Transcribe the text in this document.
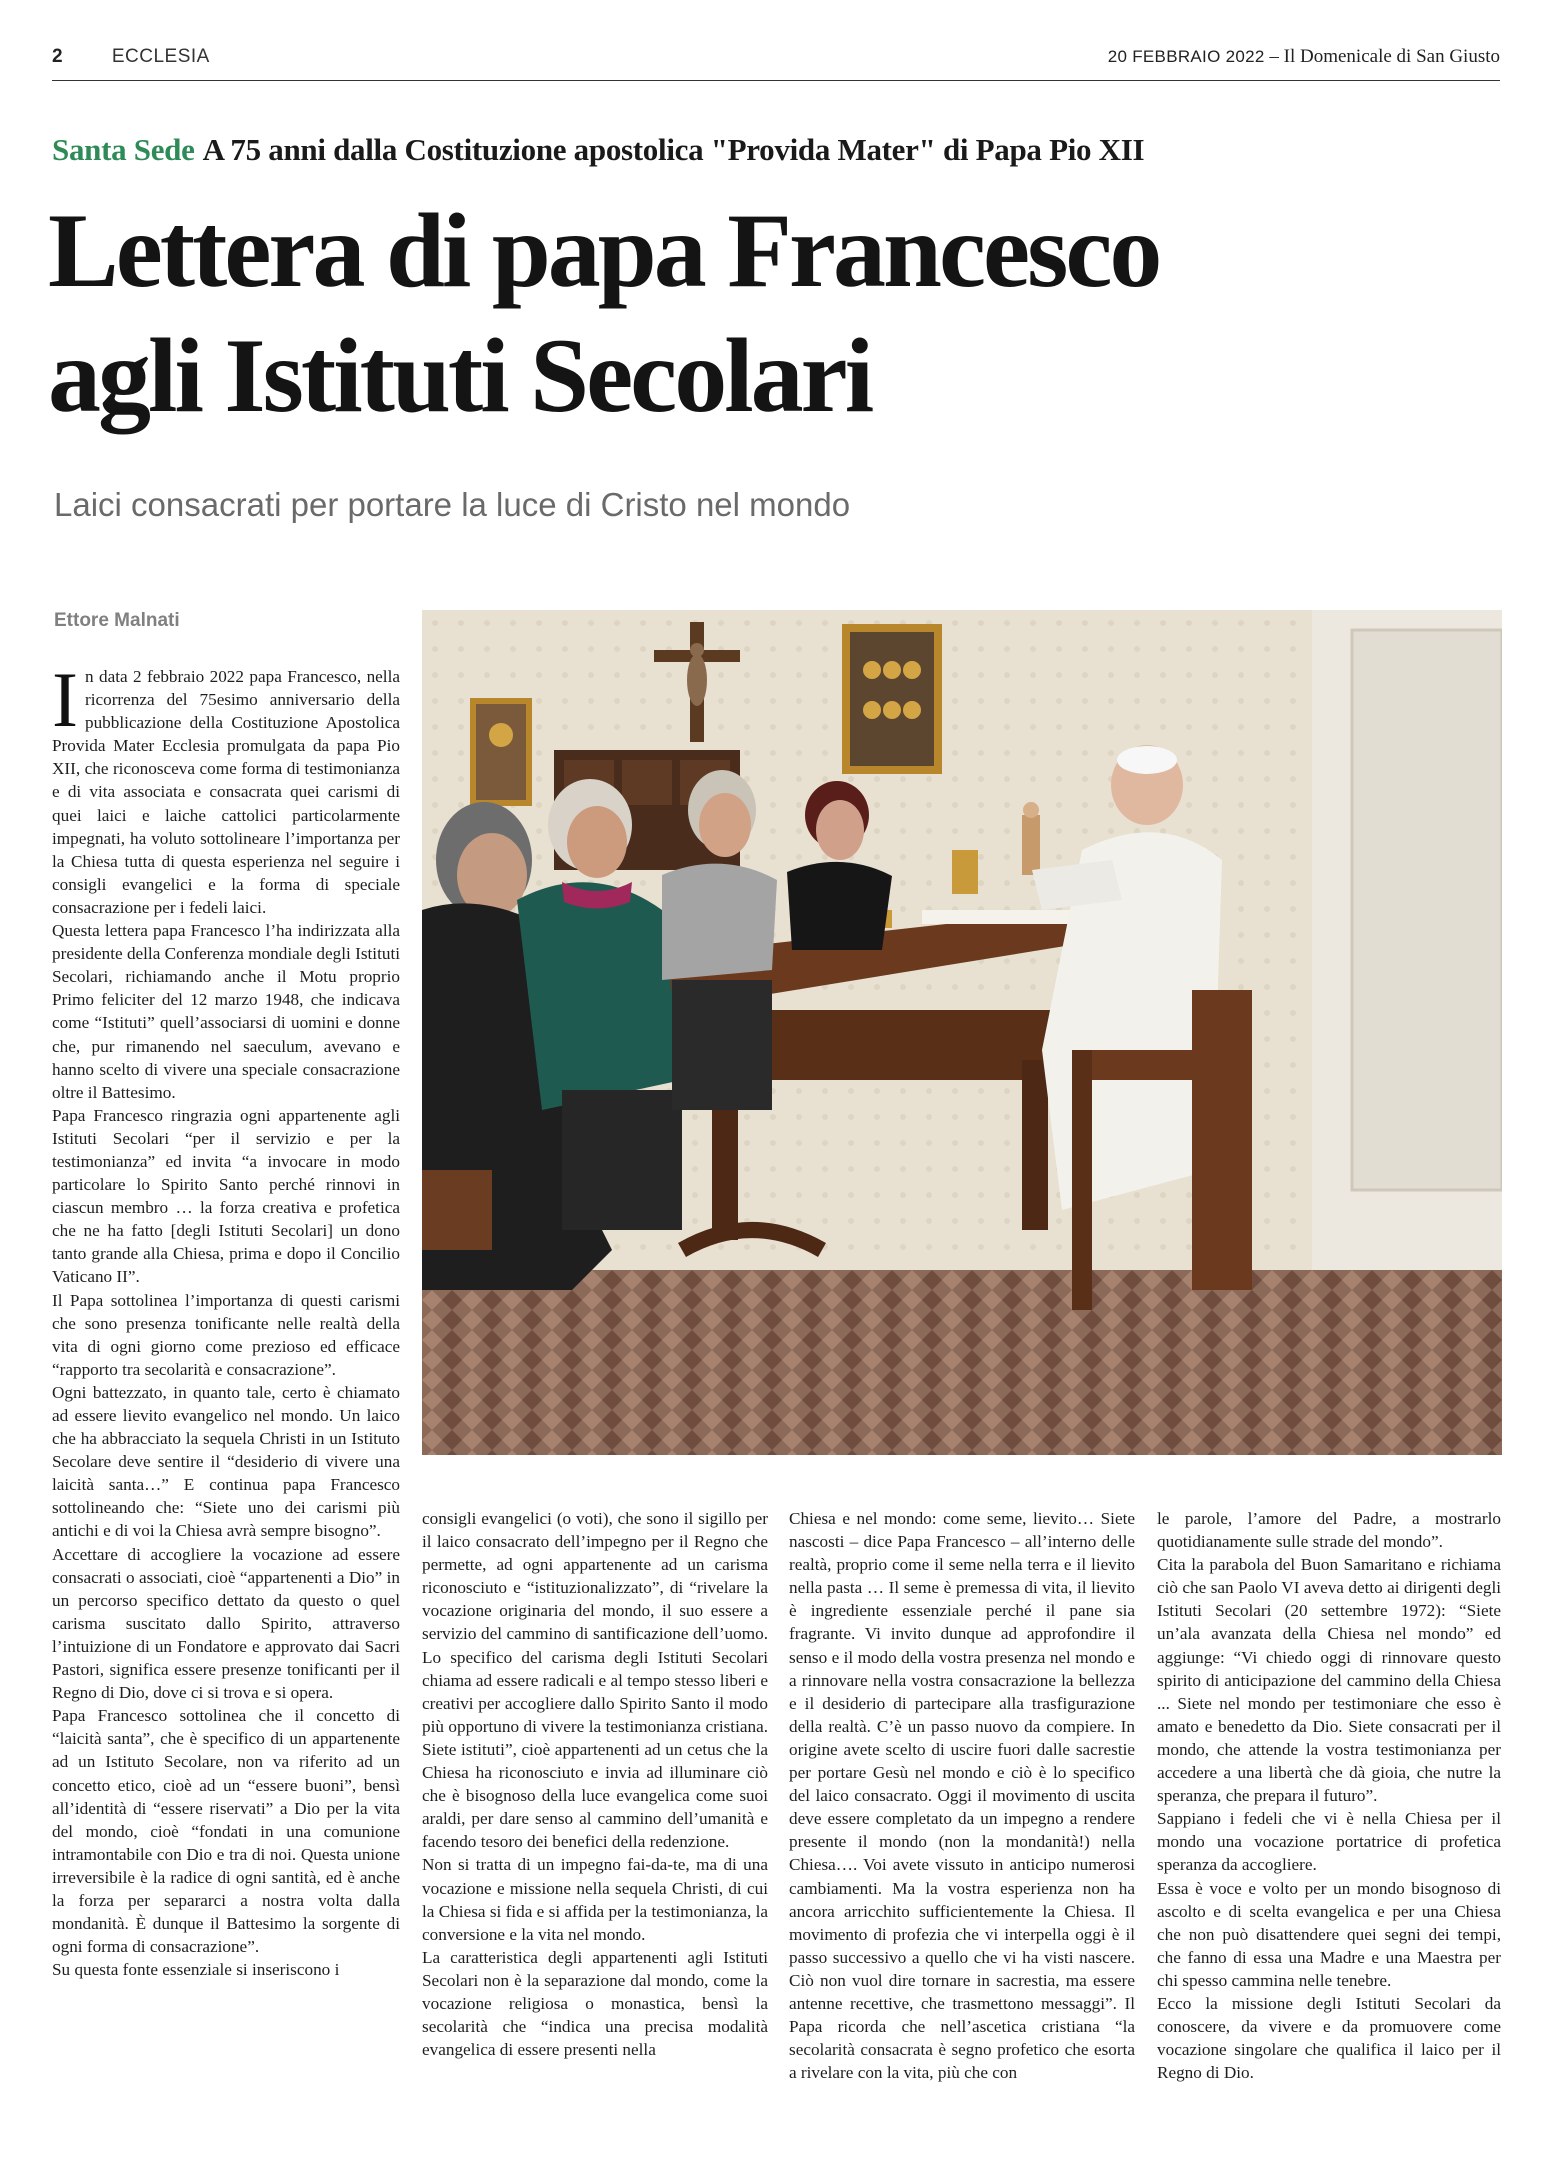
2	ECCLESIA	20 FEBBRAIO 2022 – Il Domenicale di San Giusto
Santa Sede A 75 anni dalla Costituzione apostolica "Provida Mater" di Papa Pio XII
Lettera di papa Francesco
agli Istituti Secolari
Laici consacrati per portare la luce di Cristo nel mondo
Ettore Malnati

In data 2 febbraio 2022 papa Francesco, nella ricorrenza del 75esimo anniversario della pubblicazione della Costituzione Apostolica Provida Mater Ecclesia promulgata da papa Pio XII, che riconosceva come forma di testimonianza e di vita associata e consacrata quei carismi di quei laici e laiche cattolici particolarmente impegnati, ha voluto sottolineare l’importanza per la Chiesa tutta di questa esperienza nel seguire i consigli evangelici e la forma di speciale consacrazione per i fedeli laici.

Questa lettera papa Francesco l’ha indirizzata alla presidente della Conferenza mondiale degli Istituti Secolari, richiamando anche il Motu proprio Primo feliciter del 12 marzo 1948, che indicava come “Istituti” quell’associarsi di uomini e donne che, pur rimanendo nel saeculum, avevano e hanno scelto di vivere una speciale consacrazione oltre il Battesimo.

Papa Francesco ringrazia ogni appartenente agli Istituti Secolari “per il servizio e per la testimonianza” ed invita “a invocare in modo particolare lo Spirito Santo perché rinnovi in ciascun membro … la forza creativa e profetica che ne ha fatto [degli Istituti Secolari] un dono tanto grande alla Chiesa, prima e dopo il Concilio Vaticano II”.

Il Papa sottolinea l’importanza di questi carismi che sono presenza tonificante nelle realtà della vita di ogni giorno come prezioso ed efficace “rapporto tra secolarità e consacrazione”.

Ogni battezzato, in quanto tale, certo è chiamato ad essere lievito evangelico nel mondo. Un laico che ha abbracciato la sequela Christi in un Istituto Secolare deve sentire il “desiderio di vivere una laicità santa…” E continua papa Francesco sottolineando che: “Siete uno dei carismi più antichi e di voi la Chiesa avrà sempre bisogno”.

Accettare di accogliere la vocazione ad essere consacrati o associati, cioè “appartenenti a Dio” in un percorso specifico dettato da questo o quel carisma suscitato dallo Spirito, attraverso l’intuizione di un Fondatore e approvato dai Sacri Pastori, significa essere presenze tonificanti per il Regno di Dio, dove ci si trova e si opera.

Papa Francesco sottolinea che il concetto di “laicità santa”, che è specifico di un appartenente ad un Istituto Secolare, non va riferito ad un concetto etico, cioè ad un “essere buoni”, bensì all’identità di “essere riservati” a Dio per la vita del mondo, cioè “fondati in una comunione intramontabile con Dio e tra di noi. Questa unione irreversibile è la radice di ogni santità, ed è anche la forza per separarci a nostra volta dalla mondanità. È dunque il Battesimo la sorgente di ogni forma di consacrazione”.

Su questa fonte essenziale si inseriscono i

consigli evangelici (o voti), che sono il sigillo per il laico consacrato dell’impegno per il Regno che permette, ad ogni appartenente ad un carisma riconosciuto e “istituzionalizzato”, di “rivelare la vocazione originaria del mondo, il suo essere a servizio del cammino di santificazione dell’uomo. Lo specifico del carisma degli Istituti Secolari chiama ad essere radicali e al tempo stesso liberi e creativi per accogliere dallo Spirito Santo il modo più opportuno di vivere la testimonianza cristiana. Siete istituti”, cioè appartenenti ad un cetus che la Chiesa ha riconosciuto e invia ad illuminare ciò che è bisognoso della luce evangelica come suoi araldi, per dare senso al cammino dell’umanità e facendo tesoro dei benefici della redenzione.

Non si tratta di un impegno fai-da-te, ma di una vocazione e missione nella sequela Christi, di cui la Chiesa si fida e si affida per la testimonianza, la conversione e la vita nel mondo.

La caratteristica degli appartenenti agli Istituti Secolari non è la separazione dal mondo, come la vocazione religiosa o monastica, bensì la secolarità che “indica una precisa modalità evangelica di essere presenti nella

Chiesa e nel mondo: come seme, lievito… Siete nascosti – dice Papa Francesco – all’interno delle realtà, proprio come il seme nella terra e il lievito nella pasta … Il seme è premessa di vita, il lievito è ingrediente essenziale perché il pane sia fragrante. Vi invito dunque ad approfondire il senso e il modo della vostra presenza nel mondo e a rinnovare nella vostra consacrazione la bellezza e il desiderio di partecipare alla trasfigurazione della realtà. C’è un passo nuovo da compiere. In origine avete scelto di uscire fuori dalle sacrestie per portare Gesù nel mondo e ciò è lo specifico del laico consacrato. Oggi il movimento di uscita deve essere completato da un impegno a rendere presente il mondo (non la mondanità!) nella Chiesa…. Voi avete vissuto in anticipo numerosi cambiamenti. Ma la vostra esperienza non ha ancora arricchito sufficientemente la Chiesa. Il movimento di profezia che vi interpella oggi è il passo successivo a quello che vi ha visti nascere. Ciò non vuol dire tornare in sacrestia, ma essere antenne recettive, che trasmettono messaggi”. Il Papa ricorda che nell’ascetica cristiana “la secolarità consacrata è segno profetico che esorta a rivelare con la vita, più che con

le parole, l’amore del Padre, a mostrarlo quotidianamente sulle strade del mondo”.

Cita la parabola del Buon Samaritano e richiama ciò che san Paolo VI aveva detto ai dirigenti degli Istituti Secolari (20 settembre 1972): “Siete un’ala avanzata della Chiesa nel mondo” ed aggiunge: “Vi chiedo oggi di rinnovare questo spirito di anticipazione del cammino della Chiesa ... Siete nel mondo per testimoniare che esso è amato e benedetto da Dio. Siete consacrati per il mondo, che attende la vostra testimonianza per accedere a una libertà che dà gioia, che nutre la speranza, che prepara il futuro”.

Sappiano i fedeli che vi è nella Chiesa per il mondo una vocazione portatrice di profetica speranza da accogliere.

Essa è voce e volto per un mondo bisognoso di ascolto e di scelta evangelica e per una Chiesa che non può disattendere quei segni dei tempi, che fanno di essa una Madre e una Maestra per chi spesso cammina nelle tenebre.

Ecco la missione degli Istituti Secolari da conoscere, da vivere e da promuovere come vocazione singolare che qualifica il laico per il Regno di Dio.
